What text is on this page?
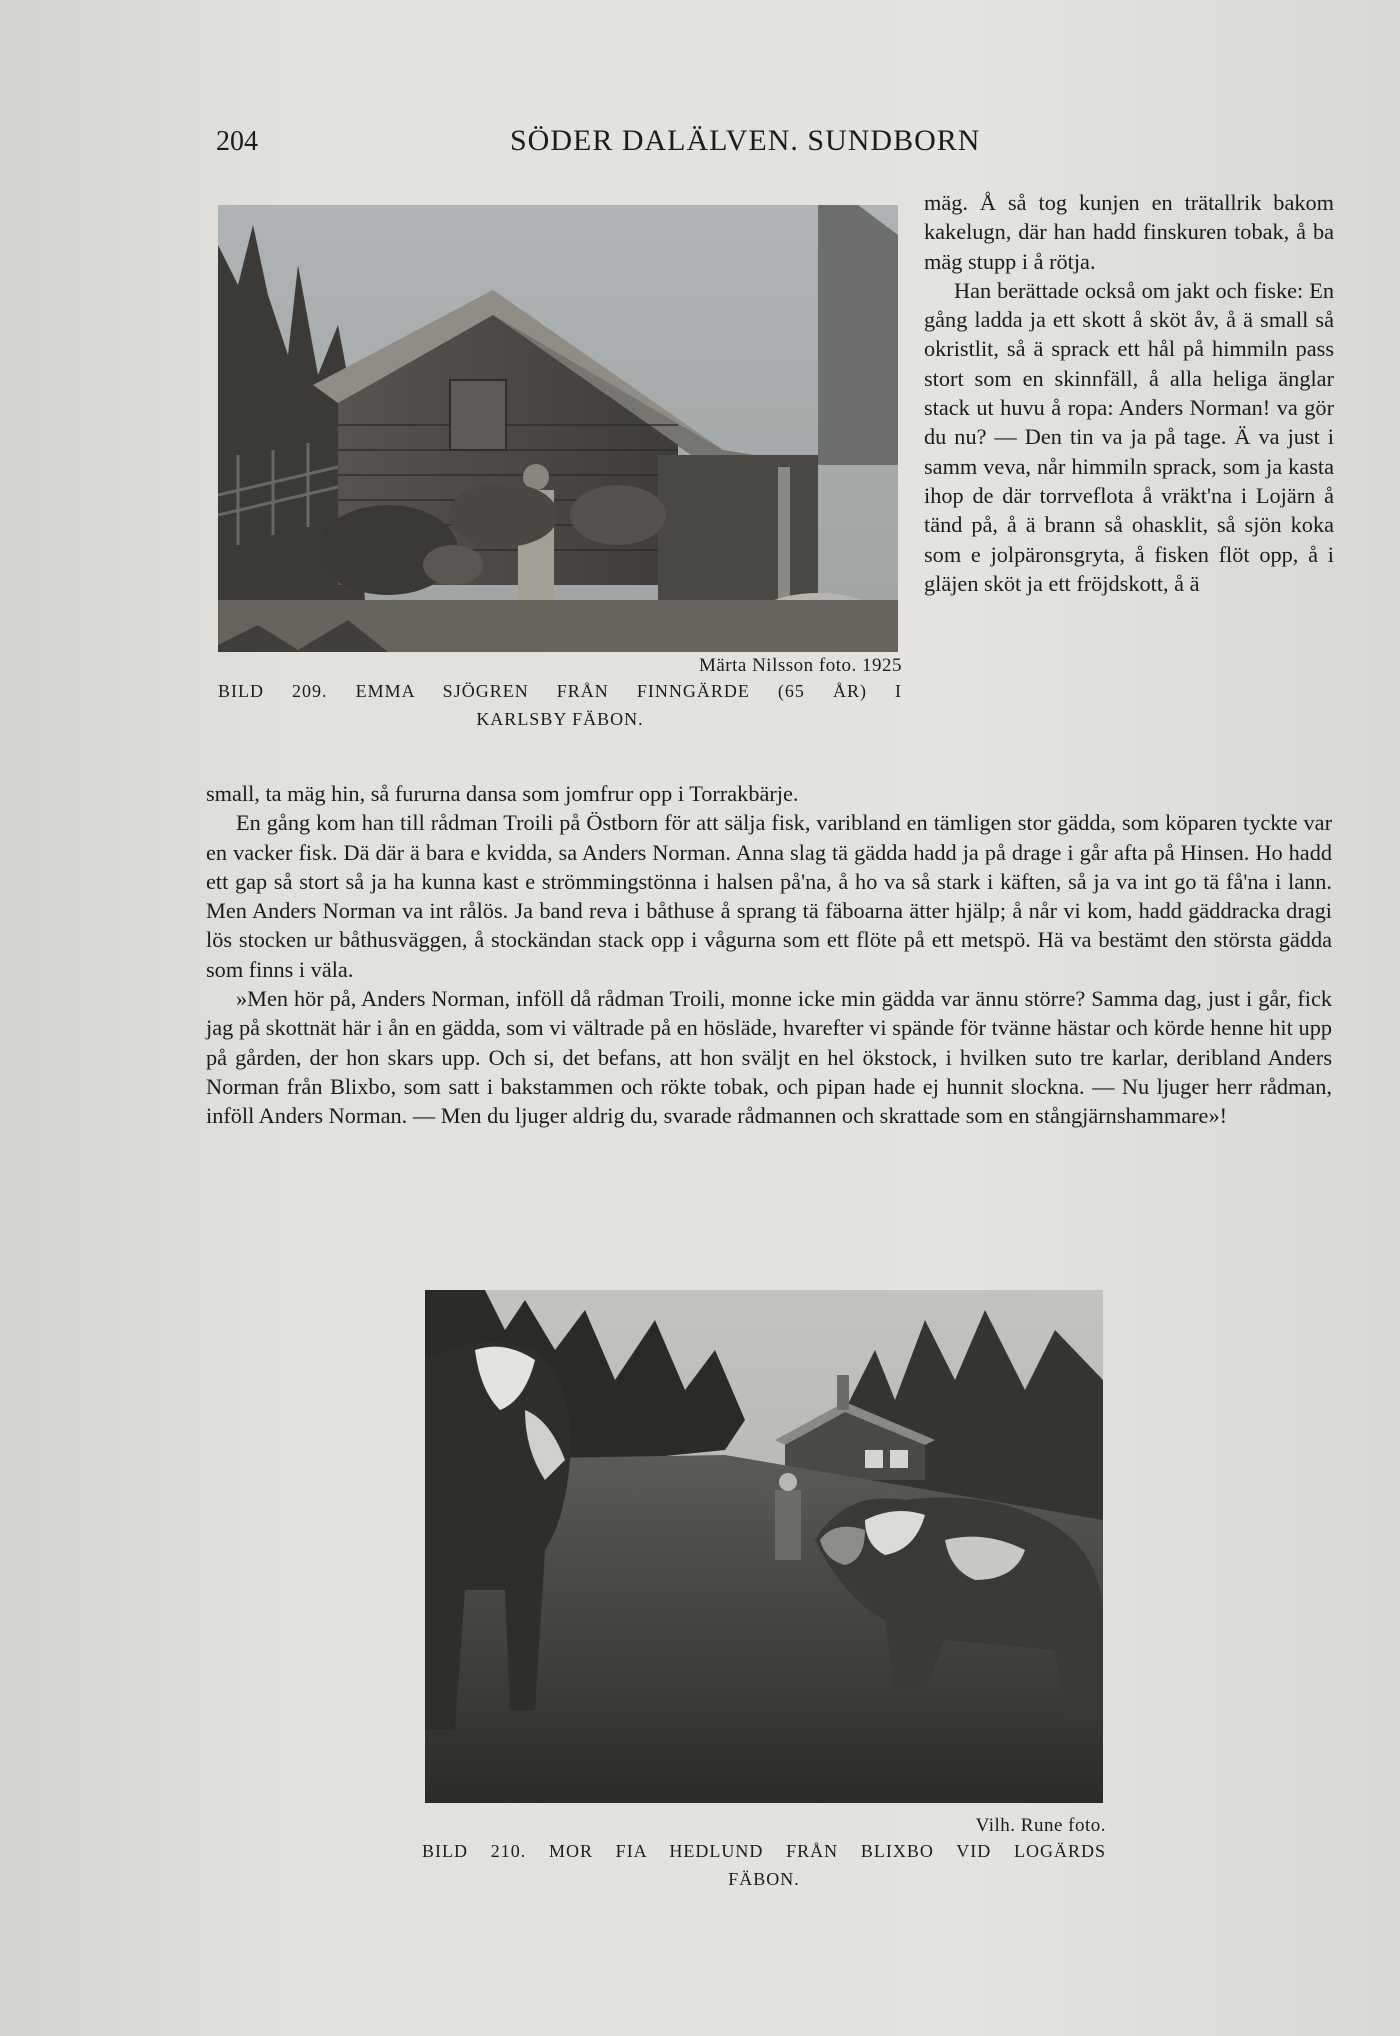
204	SÖDER DALÄLVEN. SUNDBORN

mäg. Å så tog kunjen en trätallrik bakom kakelugn, där han hadd finskuren tobak, å ba mäg stupp i å rötja.

Han berättade också om jakt och fiske: En gång ladda ja ett skott å sköt åv, å ä small så okristlit, så ä sprack ett hål på himmiln pass stort som en skinnfäll, å alla heliga änglar stack ut huvu å ropa: Anders Norman! va gör du nu? — Den tin va ja på tage. Ä va just i samm veva, når himmiln sprack, som ja kasta ihop de där torrveflota å vräkt'na i Lojärn å tänd på, å ä brann så ohasklit, så sjön koka som e jolpäronsgryta, å fisken flöt opp, å i gläjen sköt ja ett fröjdskott, å ä

Märta Nilsson foto. 1925
BILD 209. EMMA SJÖGREN FRÅN FINNGÄRDE (65 ÅR) I
KARLSBY FÄBON.

small, ta mäg hin, så fururna dansa som jomfrur opp i Torrakbärje.

En gång kom han till rådman Troili på Östborn för att sälja fisk, varibland en tämligen stor gädda, som köparen tyckte var en vacker fisk. Dä där ä bara e kvidda, sa Anders Norman. Anna slag tä gädda hadd ja på drage i går afta på Hinsen. Ho hadd ett gap så stort så ja ha kunna kast e strömmingstönna i halsen på'na, å ho va så stark i käften, så ja va int go tä få'na i lann. Men Anders Norman va int rålös. Ja band reva i båthuse å sprang tä fäboarna ätter hjälp; å når vi kom, hadd gäddracka dragi lös stocken ur båthusväggen, å stockändan stack opp i vågurna som ett flöte på ett metspö. Hä va bestämt den största gädda som finns i väla.

»Men hör på, Anders Norman, inföll då rådman Troili, monne icke min gädda var ännu större? Samma dag, just i går, fick jag på skottnät här i ån en gädda, som vi vältrade på en hösläde, hvarefter vi spände för tvänne hästar och körde henne hit upp på gården, der hon skars upp. Och si, det befans, att hon sväljt en hel ökstock, i hvilken suto tre karlar, deribland Anders Norman från Blixbo, som satt i bakstammen och rökte tobak, och pipan hade ej hunnit slockna. — Nu ljuger herr rådman, inföll Anders Norman. — Men du ljuger aldrig du, svarade rådmannen och skrattade som en stångjärnshammare»!

Vilh. Rune foto.
BILD 210. MOR FIA HEDLUND FRÅN BLIXBO VID LOGÄRDS
FÄBON.
